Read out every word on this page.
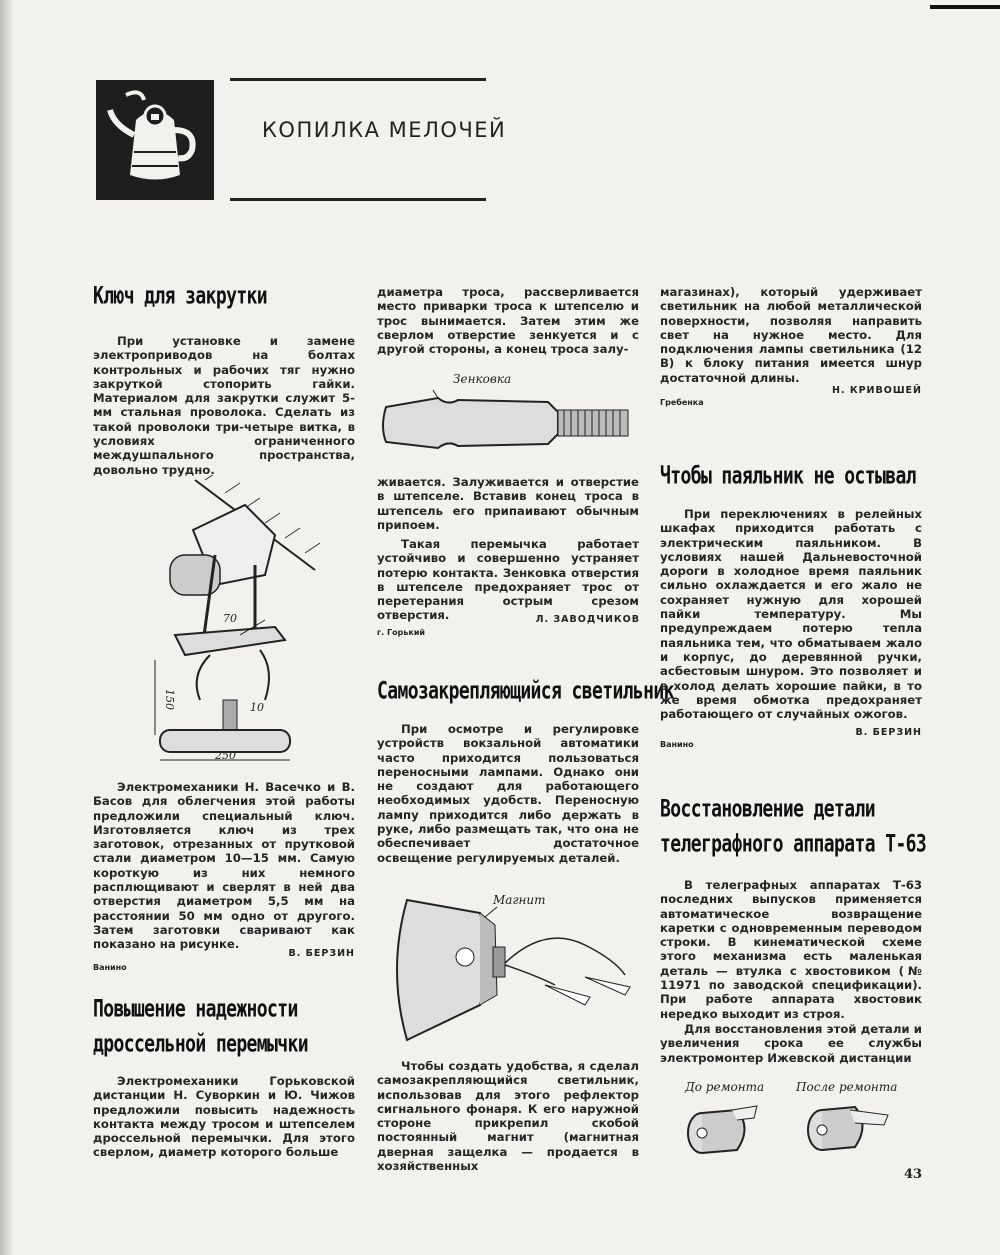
КОПИЛКА МЕЛОЧЕЙ
Ключ для закрутки

При установке и замене электроприводов на болтах контрольных и рабочих тяг нужно закруткой стопорить гайки. Материалом для закрутки служит 5-мм стальная проволока. Сделать из такой проволоки три-четыре витка, в условиях ограниченного междушпального пространства, довольно трудно.

70
150	10
250

Электромеханики Н. Васечко и В. Басов для облегчения этой работы предложили специальный ключ. Изготовляется ключ из трех заготовок, отрезанных от прутковой стали диаметром 10—15 мм. Самую короткую из них немного расплющивают и сверлят в ней два отверстия диаметром 5,5 мм на расстоянии 50 мм одно от другого. Затем заготовки сваривают как показано на рисунке.

В. БЕРЗИН
Ванино
Повышение надежности
дроссельной перемычки

Электромеханики Горьковской дистанции Н. Суворкин и Ю. Чижов предложили повысить надежность контакта между тросом и штепселем дроссельной перемычки. Для этого сверлом, диаметр которого больше

диаметра троса, рассверливается место приварки троса к штепселю и трос вынимается. Затем этим же сверлом отверстие зенкуется и с другой стороны, а конец троса залу-

Зенковка

живается. Залуживается и отверстие в штепселе. Вставив конец троса в штепсель его припаивают обычным припоем.

Такая перемычка работает устойчиво и совершенно устраняет потерю контакта. Зенковка отверстия в штепселе предохраняет трос от перетерания острым срезом отверстия.	Л. ЗАВОДЧИКОВ
г. Горький
Самозакрепляющийся светильник

При осмотре и регулировке устройств вокзальной автоматики часто приходится пользоваться переносными лампами. Однако они не создают для работающего необходимых удобств. Переносную лампу приходится либо держать в руке, либо размещать так, что она не обеспечивает достаточное освещение регулируемых деталей.

Магнит

Чтобы создать удобства, я сделал самозакрепляющийся светильник, использовав для этого рефлектор сигнального фонаря. К его наружной стороне прикрепил скобой постоянный магнит (магнитная дверная защелка — продается в хозяйственных

магазинах), который удерживает светильник на любой металлической поверхности, позволяя направить свет на нужное место. Для подключения лампы светильника (12 В) к блоку питания имеется шнур достаточной длины.

Н. КРИВОШЕЙ
Гребенка
Чтобы паяльник не остывал

При переключениях в релейных шкафах приходится работать с электрическим паяльником. В условиях нашей Дальневосточной дороги в холодное время паяльник сильно охлаждается и его жало не сохраняет нужную для хорошей пайки температуру. Мы предупреждаем потерю тепла паяльника тем, что обматываем жало и корпус, до деревянной ручки, асбестовым шнуром. Это позволяет и в холод делать хорошие пайки, в то же время обмотка предохраняет работающего от случайных ожогов.

В. БЕРЗИН
Ванино
Восстановление детали
телеграфного аппарата Т-63

В телеграфных аппаратах Т-63 последних выпусков применяется автоматическое возвращение каретки с одновременным переводом строки. В кинематической схеме этого механизма есть маленькая деталь — втулка с хвостовиком (№ 11971 по заводской спецификации). При работе аппарата хвостовик нередко выходит из строя.

Для восстановления этой детали и увеличения срока ее службы электромонтер Ижевской дистанции

До ремонта	После ремонта
43
